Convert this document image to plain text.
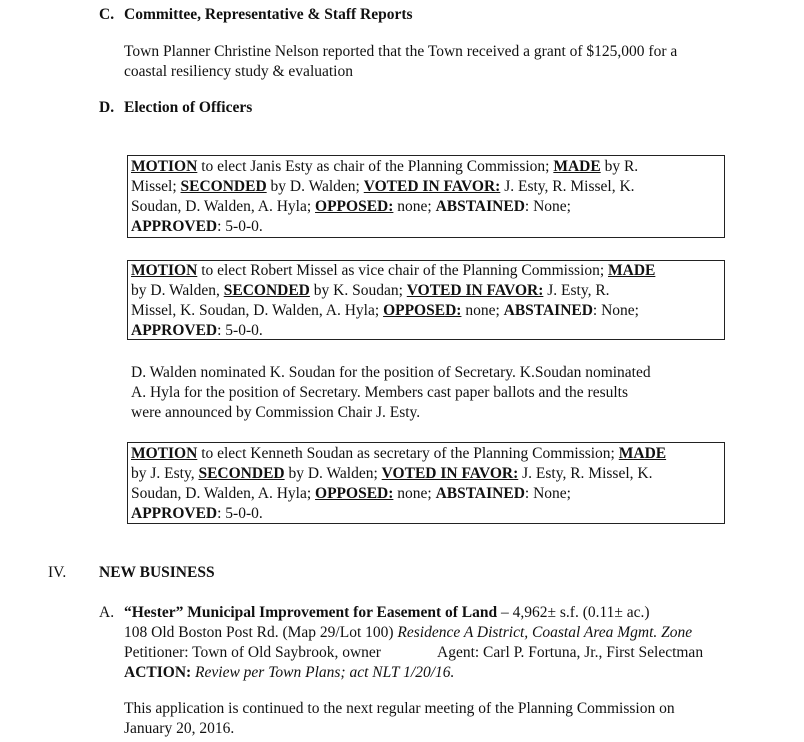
C. Committee, Representative & Staff Reports
Town Planner Christine Nelson reported that the Town received a grant of $125,000 for a
coastal resiliency study & evaluation
D. Election of Officers
MOTION to elect Janis Esty as chair of the Planning Commission; MADE by R.
Missel; SECONDED by D. Walden; VOTED IN FAVOR: J. Esty, R. Missel, K.
Soudan, D. Walden, A. Hyla; OPPOSED: none; ABSTAINED: None;
APPROVED: 5-0-0.
MOTION to elect Robert Missel as vice chair of the Planning Commission; MADE
by D. Walden, SECONDED by K. Soudan; VOTED IN FAVOR: J. Esty, R.
Missel, K. Soudan, D. Walden, A. Hyla; OPPOSED: none; ABSTAINED: None;
APPROVED: 5-0-0.
D. Walden nominated K. Soudan for the position of Secretary. K.Soudan nominated
A. Hyla for the position of Secretary. Members cast paper ballots and the results
were announced by Commission Chair J. Esty.
MOTION to elect Kenneth Soudan as secretary of the Planning Commission; MADE
by J. Esty, SECONDED by D. Walden; VOTED IN FAVOR: J. Esty, R. Missel, K.
Soudan, D. Walden, A. Hyla; OPPOSED: none; ABSTAINED: None;
APPROVED: 5-0-0.
IV. NEW BUSINESS
A. “Hester” Municipal Improvement for Easement of Land – 4,962± s.f. (0.11± ac.)
108 Old Boston Post Rd. (Map 29/Lot 100) Residence A District, Coastal Area Mgmt. Zone
Petitioner: Town of Old Saybrook, owner	Agent: Carl P. Fortuna, Jr., First Selectman
ACTION: Review per Town Plans; act NLT 1/20/16.
This application is continued to the next regular meeting of the Planning Commission on
January 20, 2016.
